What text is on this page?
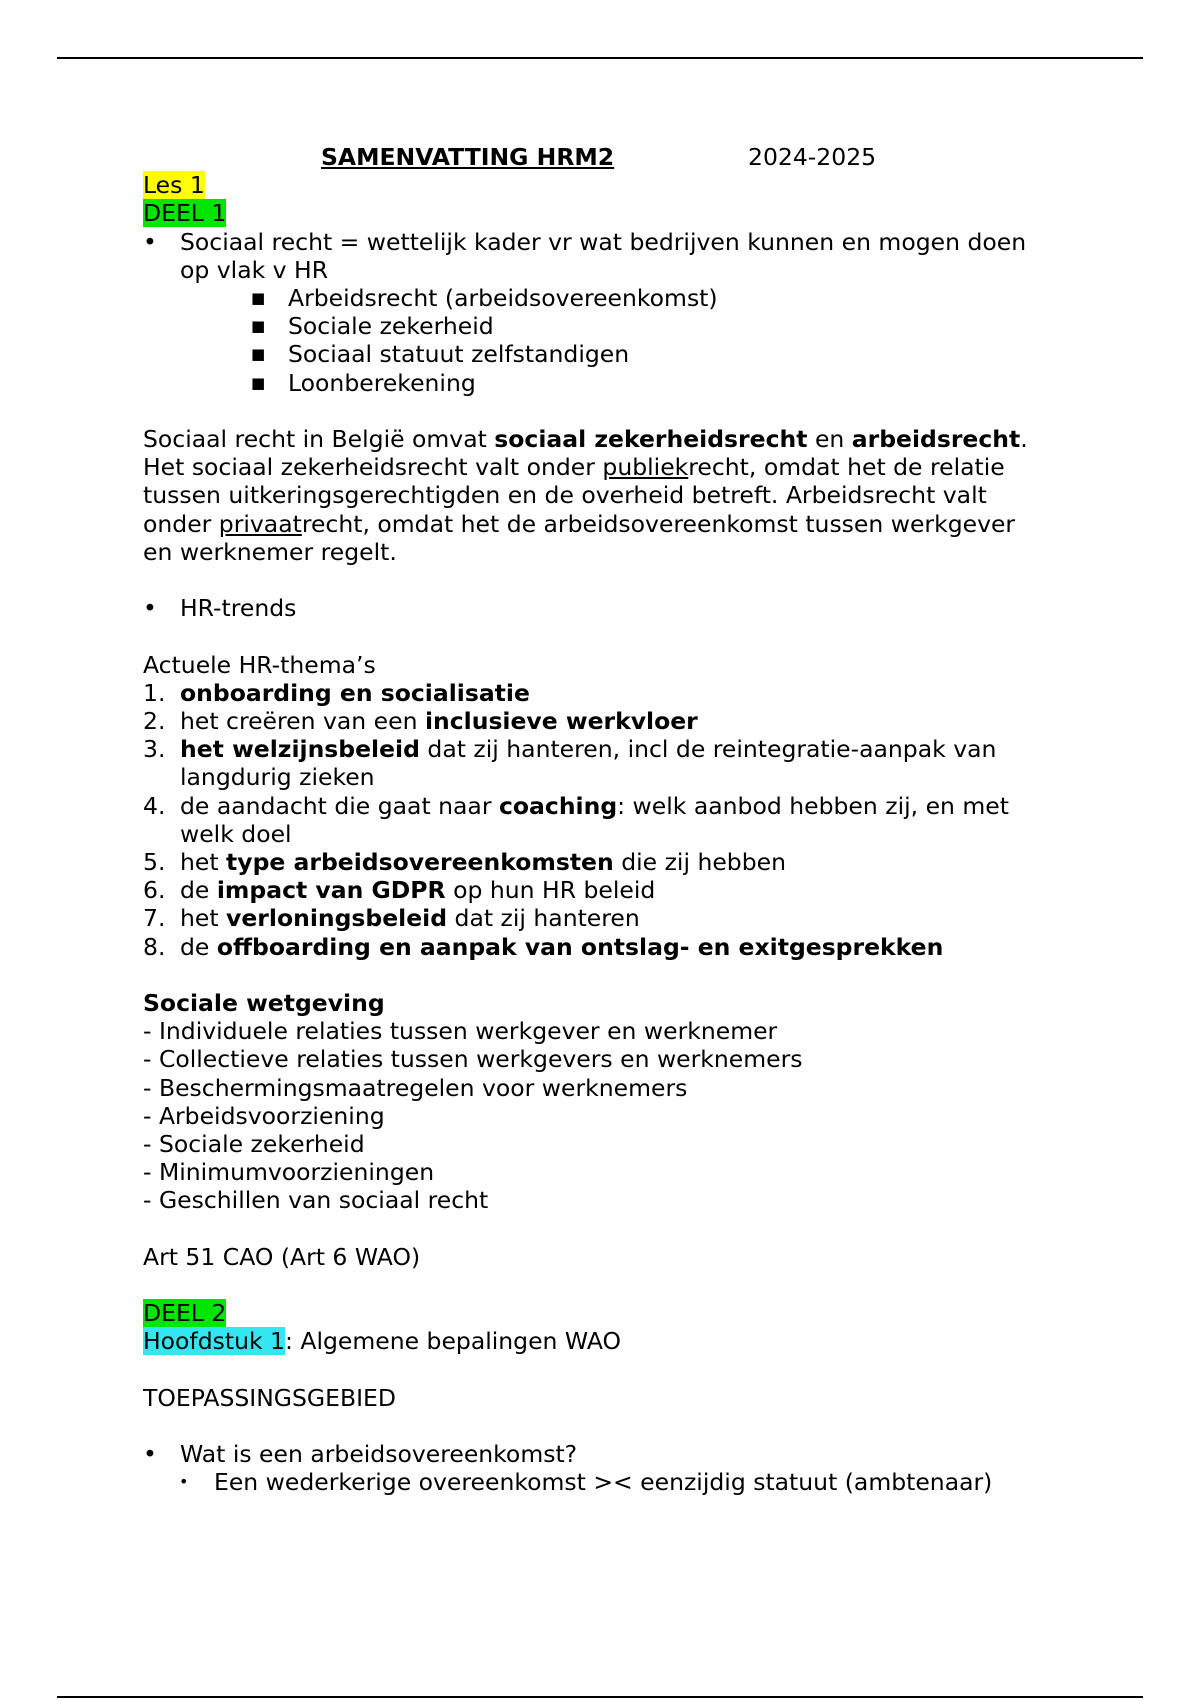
SAMENVATTING HRM2	2024-2025
Les 1
DEEL 1
• Sociaal recht = wettelijk kader vr wat bedrijven kunnen en mogen doen
op vlak v HR
■ Arbeidsrecht (arbeidsovereenkomst)
■ Sociale zekerheid
■ Sociaal statuut zelfstandigen
■ Loonberekening
Sociaal recht in België omvat sociaal zekerheidsrecht en arbeidsrecht.
Het sociaal zekerheidsrecht valt onder publiekrecht, omdat het de relatie
tussen uitkeringsgerechtigden en de overheid betreft. Arbeidsrecht valt
onder privaatrecht, omdat het de arbeidsovereenkomst tussen werkgever
en werknemer regelt.
• HR-trends
Actuele HR-thema’s
1. onboarding en socialisatie
2. het creëren van een inclusieve werkvloer
3. het welzijnsbeleid dat zij hanteren, incl de reintegratie-aanpak van
langdurig zieken
4. de aandacht die gaat naar coaching: welk aanbod hebben zij, en met
welk doel
5. het type arbeidsovereenkomsten die zij hebben
6. de impact van GDPR op hun HR beleid
7. het verloningsbeleid dat zij hanteren
8. de offboarding en aanpak van ontslag- en exitgesprekken
Sociale wetgeving
- Individuele relaties tussen werkgever en werknemer
- Collectieve relaties tussen werkgevers en werknemers
- Beschermingsmaatregelen voor werknemers
- Arbeidsvoorziening
- Sociale zekerheid
- Minimumvoorzieningen
- Geschillen van sociaal recht
Art 51 CAO (Art 6 WAO)
DEEL 2
Hoofdstuk 1: Algemene bepalingen WAO
TOEPASSINGSGEBIED
• Wat is een arbeidsovereenkomst?
• Een wederkerige overeenkomst >< eenzijdig statuut (ambtenaar)
